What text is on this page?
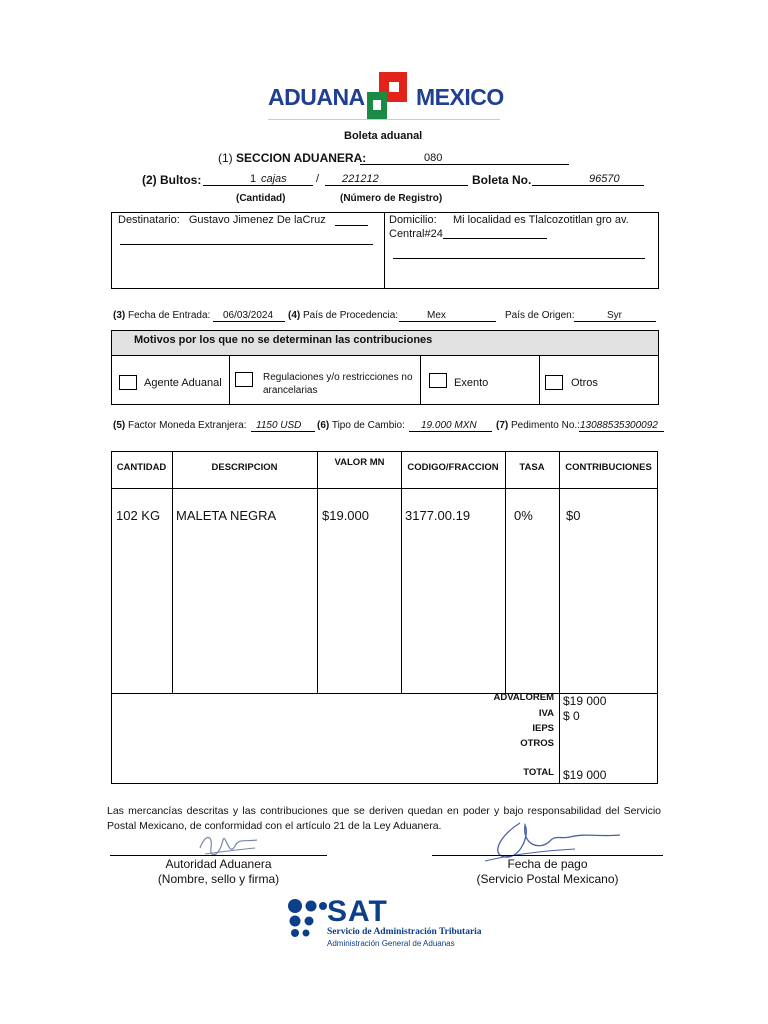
ADUANA MEXICO
Boleta aduanal
(1) SECCION ADUANERA:	080
(2) Bultos:	1 cajas	/ 221212	Boleta No.	96570
(Cantidad)	(Número de Registro)
Destinatario: Gustavo Jimenez De laCruz	Domicilio: Mi localidad es Tlalcozotitlan gro av.
Central#24
(3) Fecha de Entrada: 06/03/2024 (4) País de Procedencia:	Mex	País de Origen:	Syr
Motivos por los que no se determinan las contribuciones
Agente Aduanal	Regulaciones y/o restricciones no arancelarias
Exento	Otros
(5) Factor Moneda Extranjera: 1150 USD (6) Tipo de Cambio: 19.000 MXN (7) Pedimento No.: 13088535300092
CANTIDAD	DESCRIPCION	VALOR MN	CODIGO/FRACCION	TASA	CONTRIBUCIONES
102 KG MALETA NEGRA	$19.000	3177.00.19	0%	$0
ADVALOREM $19 000
IVA $ 0
IEPS
OTROS
TOTAL $19 000
Las mercancías descritas y las contribuciones que se deriven quedan en poder y bajo responsabilidad del Servicio Postal Mexicano, de conformidad con el artículo 21 de la Ley Aduanera.
Autoridad Aduanera
(Nombre, sello y firma)
Fecha de pago
(Servicio Postal Mexicano)
SAT
Servicio de Administración Tributaria
Administración General de Aduanas
